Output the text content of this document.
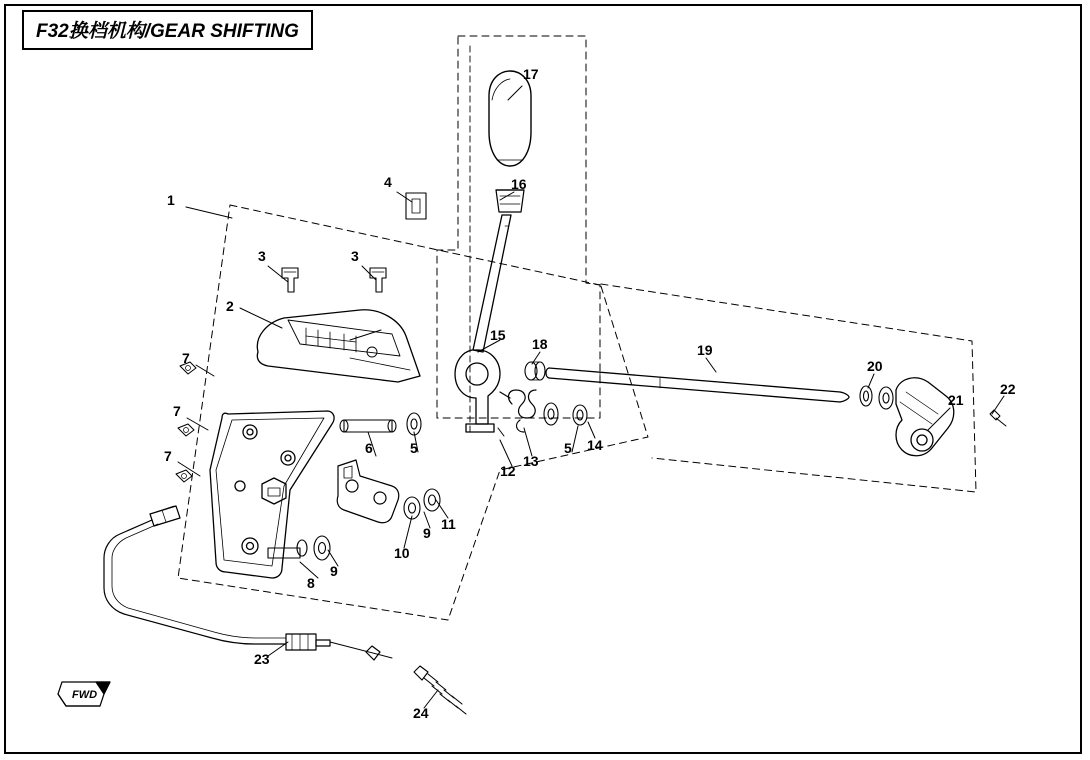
F32换档机构/GEAR SHIFTING
1
2
3	3
4
5	5
6
7
7
7
8
9
9
10
11
12
13
14
15
16
17
18	19
20
21
22
23
24
FWD
